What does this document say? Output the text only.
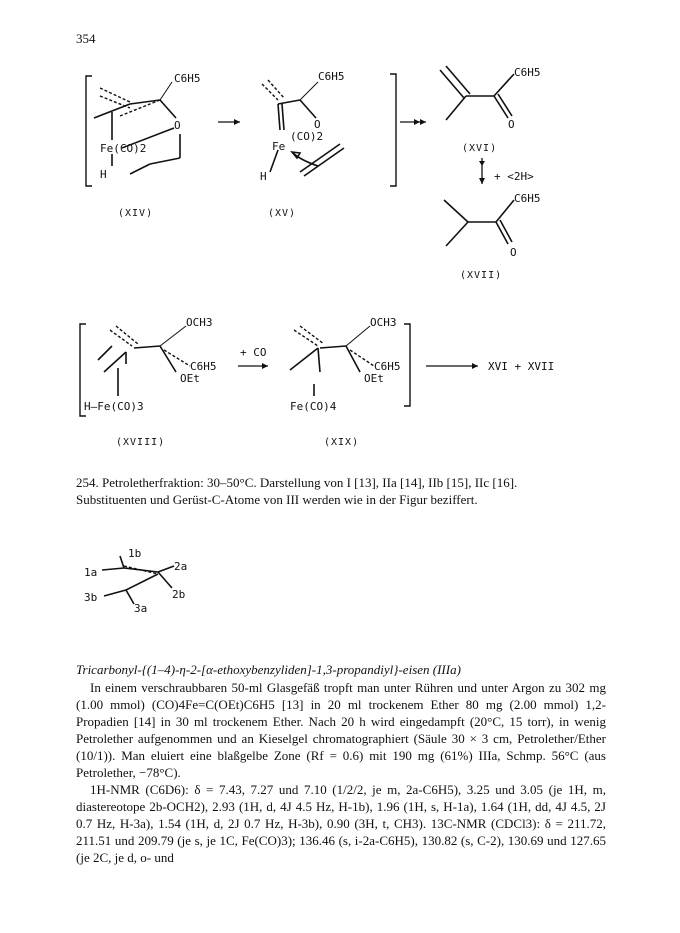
354
C6H5
O
Fe(CO)2
H
(XIV)
C6H5
O
(CO)2
Fe
H
(XV)
C6H5
O
(XVI)
+ <2H>
C6H5
O
(XVII)
OCH3
C6H5
OEt
H—Fe(CO)3
(XVIII)
+ CO
OCH3
C6H5
OEt
Fe(CO)4
(XIX)
XVI + XVII
1b
1a	2a
2b
3b
3a
254. Petroletherfraktion: 30–50°C. Darstellung von I [13], IIa [14], IIb [15], IIc [16].
Substituenten und Gerüst-C-Atome von III werden wie in der Figur beziffert.
Tricarbonyl-{(1–4)-η-2-[α-ethoxybenzyliden]-1,3-propandiyl}-eisen (IIIa)

In einem verschraubbaren 50-ml Glasgefäß tropft man unter Rühren und unter Argon zu 302 mg (1.00 mmol) (CO)4Fe=C(OEt)C6H5 [13] in 20 ml trockenem Ether 80 mg (2.00 mmol) 1,2-Propadien [14] in 30 ml trockenem Ether. Nach 20 h wird eingedampft (20°C, 15 torr), in wenig Petrolether aufgenommen und an Kieselgel chromatographiert (Säule 30 × 3 cm, Petrolether/Ether (10/1)). Man eluiert eine blaßgelbe Zone (Rf = 0.6) mit 190 mg (61%) IIIa, Schmp. 56°C (aus Petrolether, −78°C).

1H-NMR (C6D6): δ = 7.43, 7.27 und 7.10 (1/2/2, je m, 2a-C6H5), 3.25 und 3.05 (je 1H, m, diastereotope 2b-OCH2), 2.93 (1H, d, 4J 4.5 Hz, H-1b), 1.96 (1H, s, H-1a), 1.64 (1H, dd, 4J 4.5, 2J 0.7 Hz, H-3a), 1.54 (1H, d, 2J 0.7 Hz, H-3b), 0.90 (3H, t, CH3). 13C-NMR (CDCl3): δ = 211.72, 211.51 und 209.79 (je s, je 1C, Fe(CO)3); 136.46 (s, i-2a-C6H5), 130.82 (s, C-2), 130.69 und 127.65 (je 2C, je d, o- und
